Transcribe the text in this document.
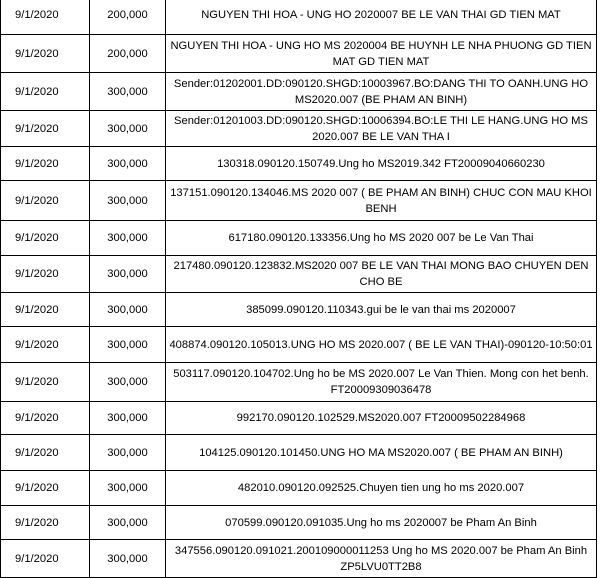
9/1/2020	200,000	NGUYEN THI HOA - UNG HO 2020007 BE LE VAN THAI GD TIEN MAT
9/1/2020	200,000	NGUYEN THI HOA - UNG HO MS 2020004 BE HUYNH LE NHA PHUONG GD TIEN MAT GD TIEN MAT
9/1/2020	300,000	Sender:01202001.DD:090120.SHGD:10003967.BO:DANG THI TO OANH.UNG HO MS2020.007 (BE PHAM AN BINH)
9/1/2020	300,000	Sender:01201003.DD:090120.SHGD:10006394.BO:LE THI LE HANG.UNG HO MS 2020.007 BE LE VAN THA I
9/1/2020	300,000	130318.090120.150749.Ung ho MS2019.342 FT20009040660230
9/1/2020	300,000	137151.090120.134046.MS 2020 007 ( BE PHAM AN BINH) CHUC CON MAU KHOI BENH
9/1/2020	300,000	617180.090120.133356.Ung ho MS 2020 007 be Le Van Thai
9/1/2020	300,000	217480.090120.123832.MS2020 007 BE LE VAN THAI MONG BAO CHUYEN DEN CHO BE
9/1/2020	300,000	385099.090120.110343.gui be le van thai ms 2020007
9/1/2020	300,000	408874.090120.105013.UNG HO MS 2020.007 ( BE LE VAN THAI)-090120-10:50:01
9/1/2020	300,000	503117.090120.104702.Ung ho be MS 2020.007 Le Van Thien. Mong con het benh. FT20009309036478
9/1/2020	300,000	992170.090120.102529.MS2020.007 FT20009502284968
9/1/2020	300,000	104125.090120.101450.UNG HO MA MS2020.007 ( BE PHAM AN BINH)
9/1/2020	300,000	482010.090120.092525.Chuyen tien ung ho ms 2020.007
9/1/2020	300,000	070599.090120.091035.Ung ho ms 2020007 be Pham An Binh
9/1/2020	300,000	347556.090120.091021.200109000011253 Ung ho MS 2020.007 be Pham An Binh ZP5LVU0TT2B8
